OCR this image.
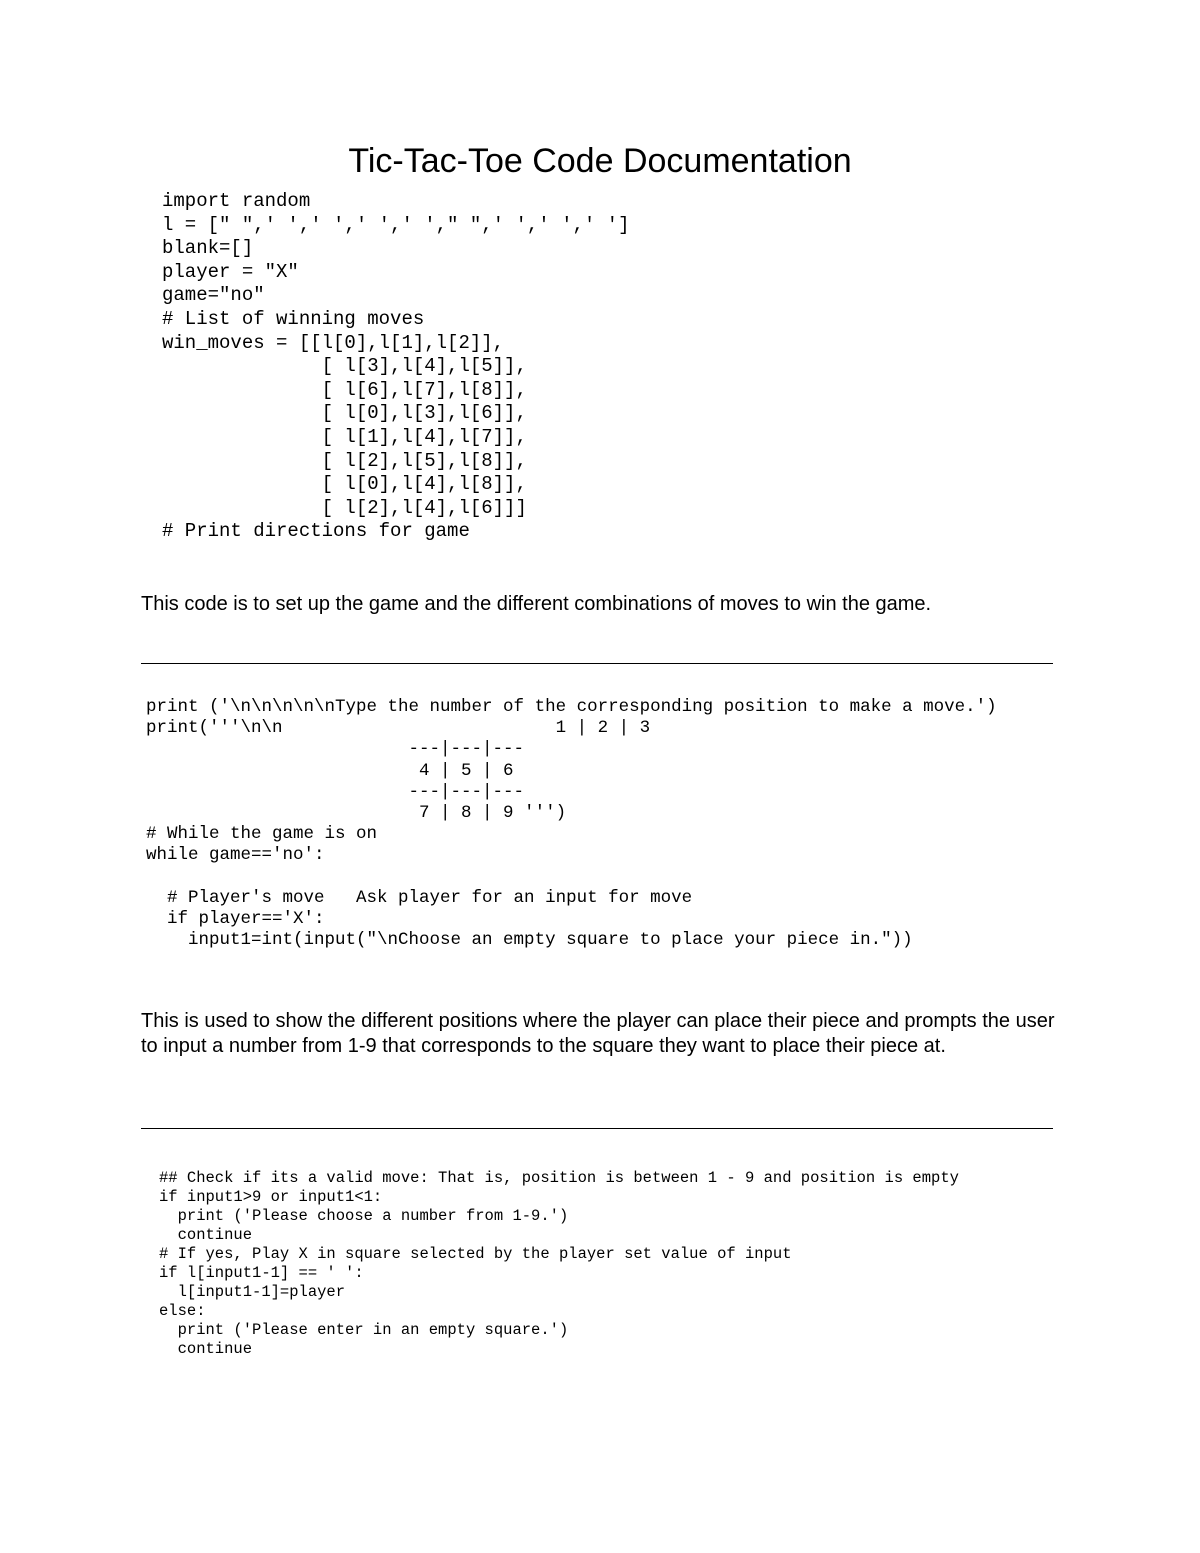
Tic-Tac-Toe Code Documentation
import random
l = [" ",' ',' ',' ',' '," ",' ',' ',' ']
blank=[]
player = "X"
game="no"
# List of winning moves
win_moves = [[l[0],l[1],l[2]],
[ l[3],l[4],l[5]],
[ l[6],l[7],l[8]],
[ l[0],l[3],l[6]],
[ l[1],l[4],l[7]],
[ l[2],l[5],l[8]],
[ l[0],l[4],l[8]],
[ l[2],l[4],l[6]]]
# Print directions for game

This code is to set up the game and the different combinations of moves to win the game.

print ('\n\n\n\n\nType the number of the corresponding position to make a move.')
print('''\n\n                          1 | 2 | 3
---|---|---
4 | 5 | 6
---|---|---
7 | 8 | 9 ''')
# While the game is on
while game=='no':

# Player's move   Ask player for an input for move
if player=='X':
input1=int(input("\nChoose an empty square to place your piece in."))

This is used to show the different positions where the player can place their piece and prompts the user to input a number from 1-9 that corresponds to the square they want to place their piece at.

## Check if its a valid move: That is, position is between 1 - 9 and position is empty
if input1>9 or input1<1:
print ('Please choose a number from 1-9.')
continue
# If yes, Play X in square selected by the player set value of input
if l[input1-1] == ' ':
l[input1-1]=player
else:
print ('Please enter in an empty square.')
continue
